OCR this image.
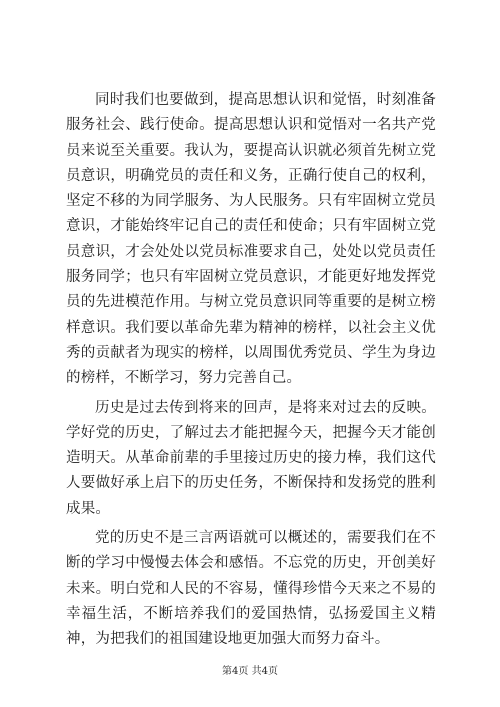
同时我们也要做到，提高思想认识和觉悟，时刻准备服务社会、践行使命。提高思想认识和觉悟对一名共产党员来说至关重要。我认为，要提高认识就必须首先树立党员意识，明确党员的责任和义务，正确行使自己的权利，坚定不移的为同学服务、为人民服务。只有牢固树立党员意识，才能始终牢记自己的责任和使命；只有牢固树立党员意识，才会处处以党员标准要求自己，处处以党员责任服务同学；也只有牢固树立党员意识，才能更好地发挥党员的先进模范作用。与树立党员意识同等重要的是树立榜样意识。我们要以革命先辈为精神的榜样，以社会主义优秀的贡献者为现实的榜样，以周围优秀党员、学生为身边的榜样，不断学习，努力完善自己。

历史是过去传到将来的回声，是将来对过去的反映。学好党的历史，了解过去才能把握今天，把握今天才能创造明天。从革命前辈的手里接过历史的接力棒，我们这代人要做好承上启下的历史任务，不断保持和发扬党的胜利成果。

党的历史不是三言两语就可以概述的，需要我们在不断的学习中慢慢去体会和感悟。不忘党的历史，开创美好未来。明白党和人民的不容易，懂得珍惜今天来之不易的幸福生活，不断培养我们的爱国热情，弘扬爱国主义精神，为把我们的祖国建设地更加强大而努力奋斗。

第4页 共4页
